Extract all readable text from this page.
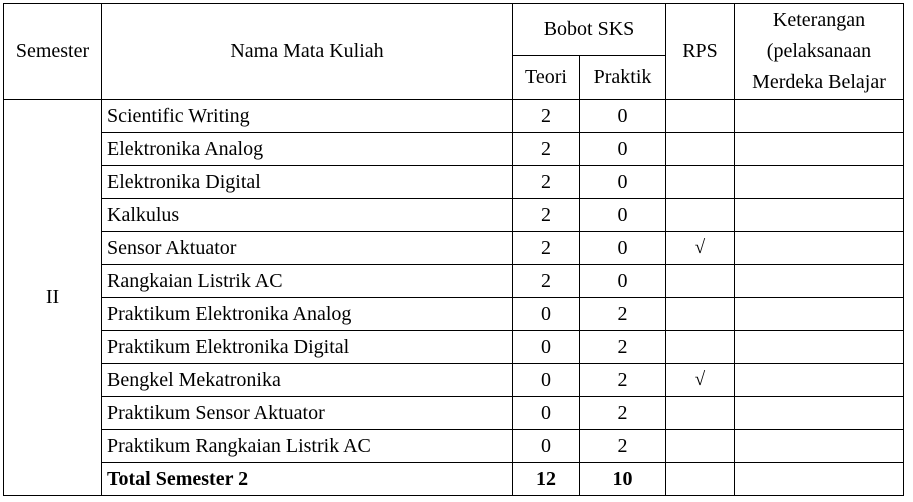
Semester	Nama Mata Kuliah	Bobot SKS		RPS	Keterangan
(pelaksanaan
Merdeka Belajar

		Teori	Praktik		
II	Scientific Writing	2	0		
	Elektronika Analog	2	0		
	Elektronika Digital	2	0		
	Kalkulus	2	0		
	Sensor Aktuator	2	0	√	
	Rangkaian Listrik AC	2	0		
	Praktikum Elektronika Analog	0	2		
	Praktikum Elektronika Digital	0	2		
	Bengkel Mekatronika	0	2	√	
	Praktikum Sensor Aktuator	0	2		
	Praktikum Rangkaian Listrik AC	0	2		
	Total Semester 2	12	10		
